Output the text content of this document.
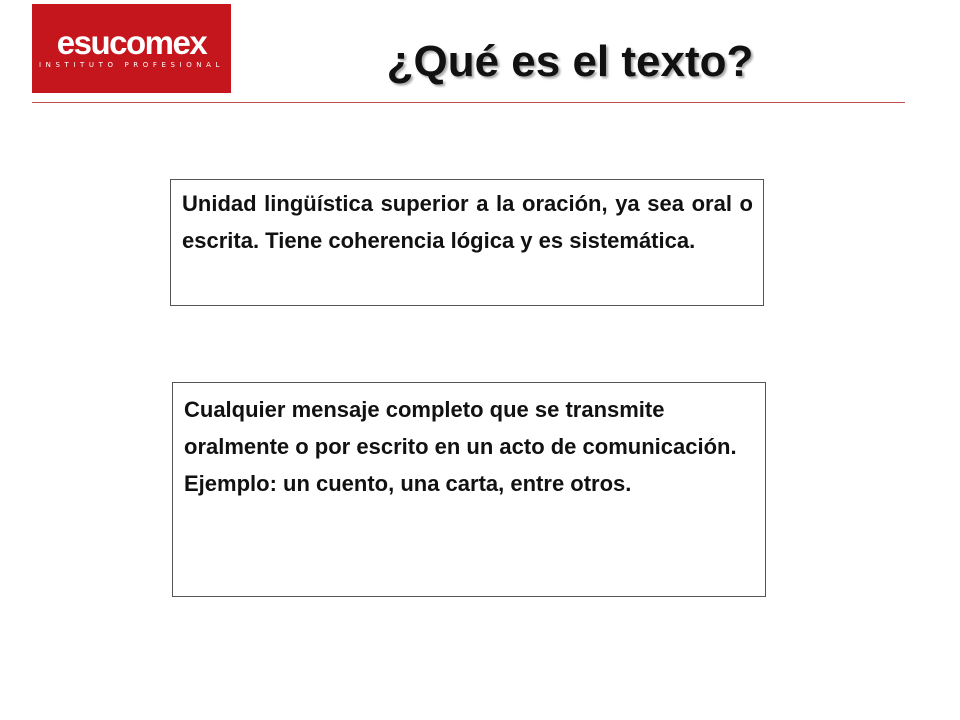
esucomex
INSTITUTO PROFESIONAL	¿Qué es el texto?

Unidad lingüística superior a la oración, ya sea oral o escrita. Tiene coherencia lógica y es sistemática.

Cualquier mensaje completo que se transmite oralmente o por escrito en un acto de comunicación.

Ejemplo: un cuento, una carta, entre otros.
